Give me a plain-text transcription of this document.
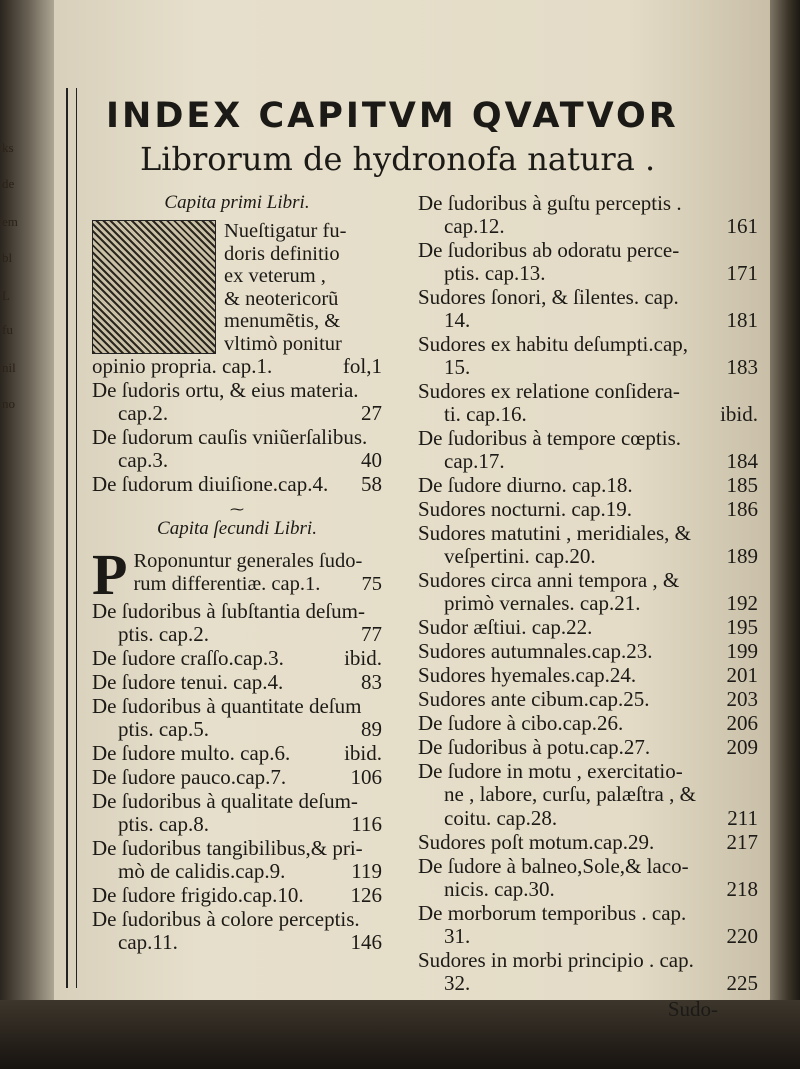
ks
de
em
bl
L
fu
nil
no
INDEX CAPITVM QVATVOR
Librorum de hydronofa natura .
Capita primi Libri.
Nueſtigatur fu-
doris definitio
ex veterum ,
& neotericorũ
menumẽtis, &
vltimò ponitur
opinio propria. cap.1.	fol,1
De ſudoris ortu, & eius materia.
cap.2.	27
De ſudorum cauſis vniũerſalibus.
cap.3.	40
De ſudorum diuiſione.cap.4.	58
⁓
Capita ſecundi Libri.
P Roponuntur generales ſudo-
rum differentiæ. cap.1.	75
De ſudoribus à ſubſtantia deſum-
ptis. cap.2.	77
De ſudore craſſo.cap.3.	ibid.
De ſudore tenui. cap.4.	83
De ſudoribus à quantitate deſum
ptis. cap.5.	89
De ſudore multo. cap.6.	ibid.
De ſudore pauco.cap.7.	106
De ſudoribus à qualitate deſum-
ptis. cap.8.	116
De ſudoribus tangibilibus,& pri-
mò de calidis.cap.9.	119
De ſudore frigido.cap.10.	126
De ſudoribus à colore perceptis.
cap.11.	146
De ſudoribus à guſtu perceptis .
cap.12.	161
De ſudoribus ab odoratu perce-
ptis. cap.13.	171
Sudores ſonori, & ſilentes. cap.
14.	181
Sudores ex habitu deſumpti.cap,
15.	183
Sudores ex relatione conſidera-
ti. cap.16.	ibid.
De ſudoribus à tempore cœptis.
cap.17.	184
De ſudore diurno. cap.18.	185
Sudores nocturni. cap.19.	186
Sudores matutini , meridiales, &
veſpertini. cap.20.	189
Sudores circa anni tempora , &
primò vernales. cap.21.	192
Sudor æſtiui. cap.22.	195
Sudores autumnales.cap.23.	199
Sudores hyemales.cap.24.	201
Sudores ante cibum.cap.25.	203
De ſudore à cibo.cap.26.	206
De ſudoribus à potu.cap.27.	209
De ſudore in motu , exercitatio-
ne , labore, curſu, palæſtra , &
coitu. cap.28.	211
Sudores poſt motum.cap.29.	217
De ſudore à balneo,Sole,& laco-
nicis. cap.30.	218
De morborum temporibus . cap.
31.	220
Sudores in morbi principio . cap.
32.	225
Sudo-
